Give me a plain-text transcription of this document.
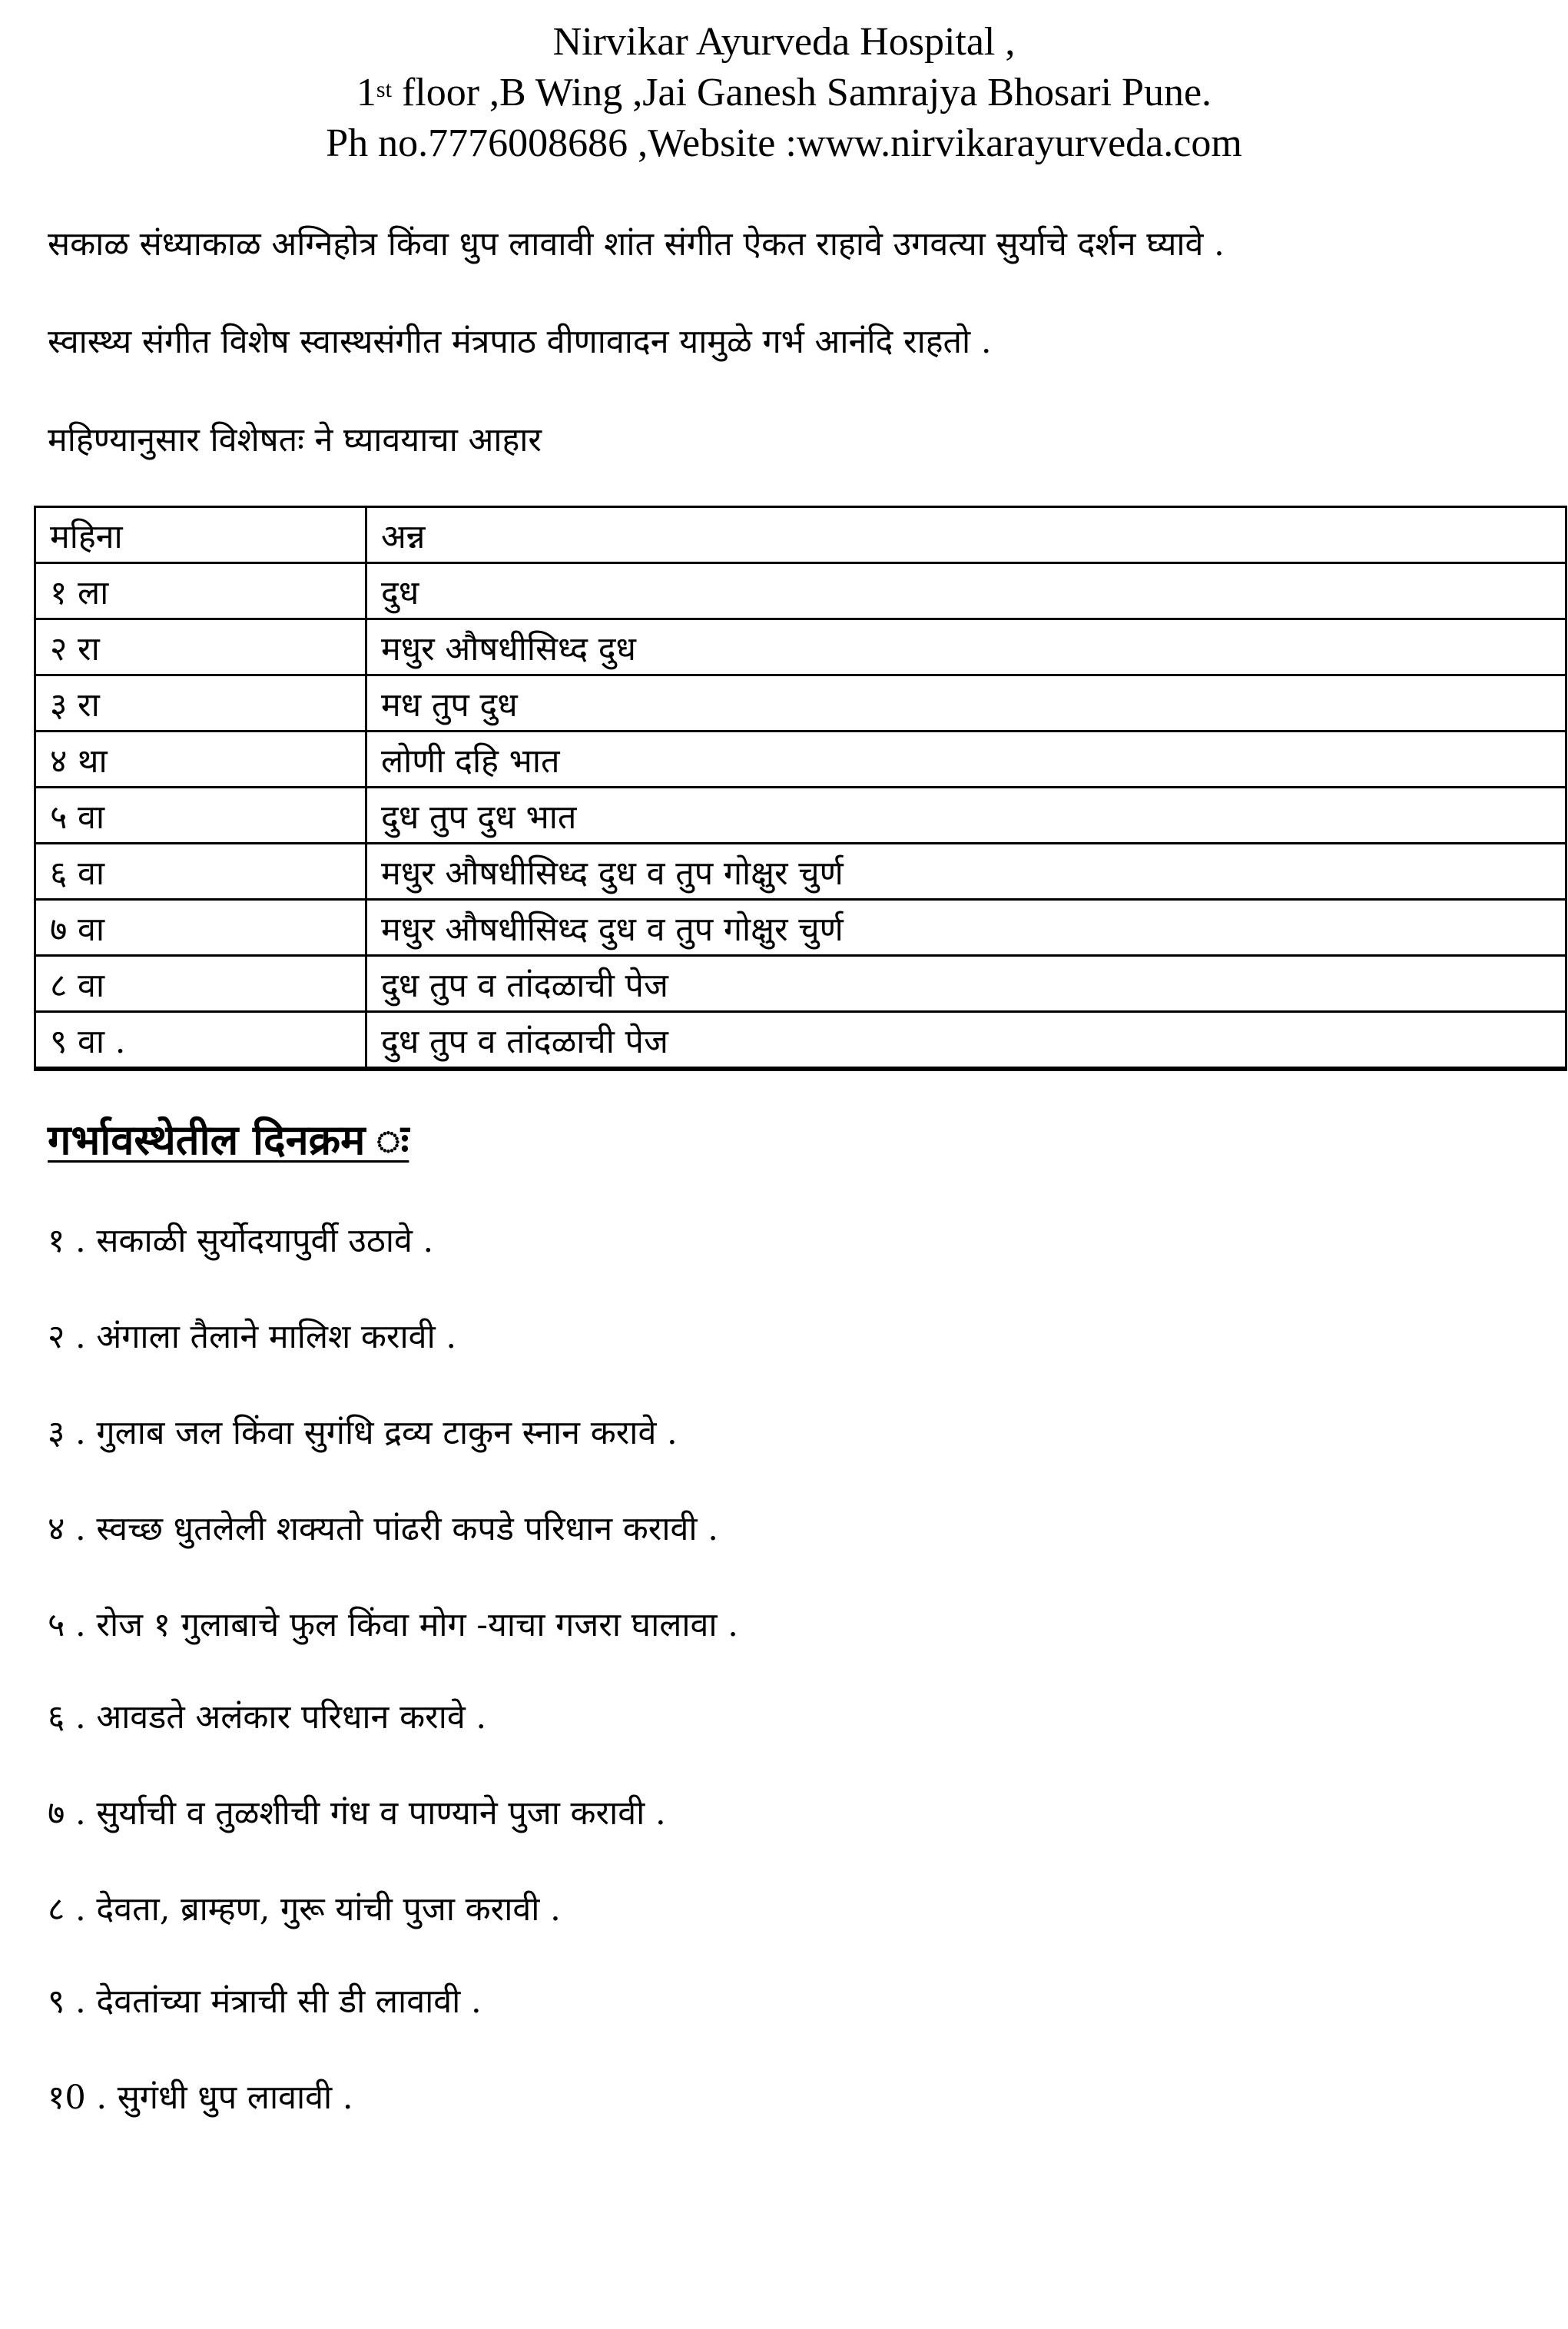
Nirvikar Ayurveda Hospital ,
1st floor ,B Wing ,Jai Ganesh Samrajya Bhosari Pune.
Ph no.7776008686 ,Website :www.nirvikarayurveda.com
सकाळ संध्याकाळ अग्निहोत्र किंवा धुप लावावी शांत संगीत ऐकत राहावे उगवत्या सुर्याचे दर्शन घ्यावे .
स्वास्थ्य संगीत विशेष स्वास्थसंगीत मंत्रपाठ वीणावादन यामुळे गर्भ आनंदि राहतो .
महिण्यानुसार विशेषतः ने घ्यावयाचा आहार
महिना	अन्न
१ ला	दुध
२ रा	मधुर औषधीसिध्द दुध
३ रा	मध तुप दुध
४ था	लोणी दहि भात
५ वा	दुध तुप दुध भात
६ वा	मधुर औषधीसिध्द दुध व तुप गोक्षुर चुर्ण
७ वा	मधुर औषधीसिध्द दुध व तुप गोक्षुर चुर्ण
८ वा	दुध तुप व तांदळाची पेज
९ वा .	दुध तुप व तांदळाची पेज
गर्भावस्थेतील दिनक्रम ः
१ . सकाळी सुर्योदयापुर्वी उठावे .
२ . अंगाला तैलाने मालिश करावी .
३ . गुलाब जल किंवा सुगंधि द्रव्य टाकुन स्नान करावे .
४ . स्वच्छ धुतलेली शक्यतो पांढरी कपडे परिधान करावी .
५ . रोज १ गुलाबाचे फुल किंवा मोग -याचा गजरा घालावा .
६ . आवडते अलंकार परिधान करावे .
७ . सुर्याची व तुळशीची गंध व पाण्याने पुजा करावी .
८ . देवता, ब्राम्हण, गुरू यांची पुजा करावी .
९ . देवतांच्या मंत्राची सी डी लावावी .
१0 . सुगंधी धुप लावावी .
